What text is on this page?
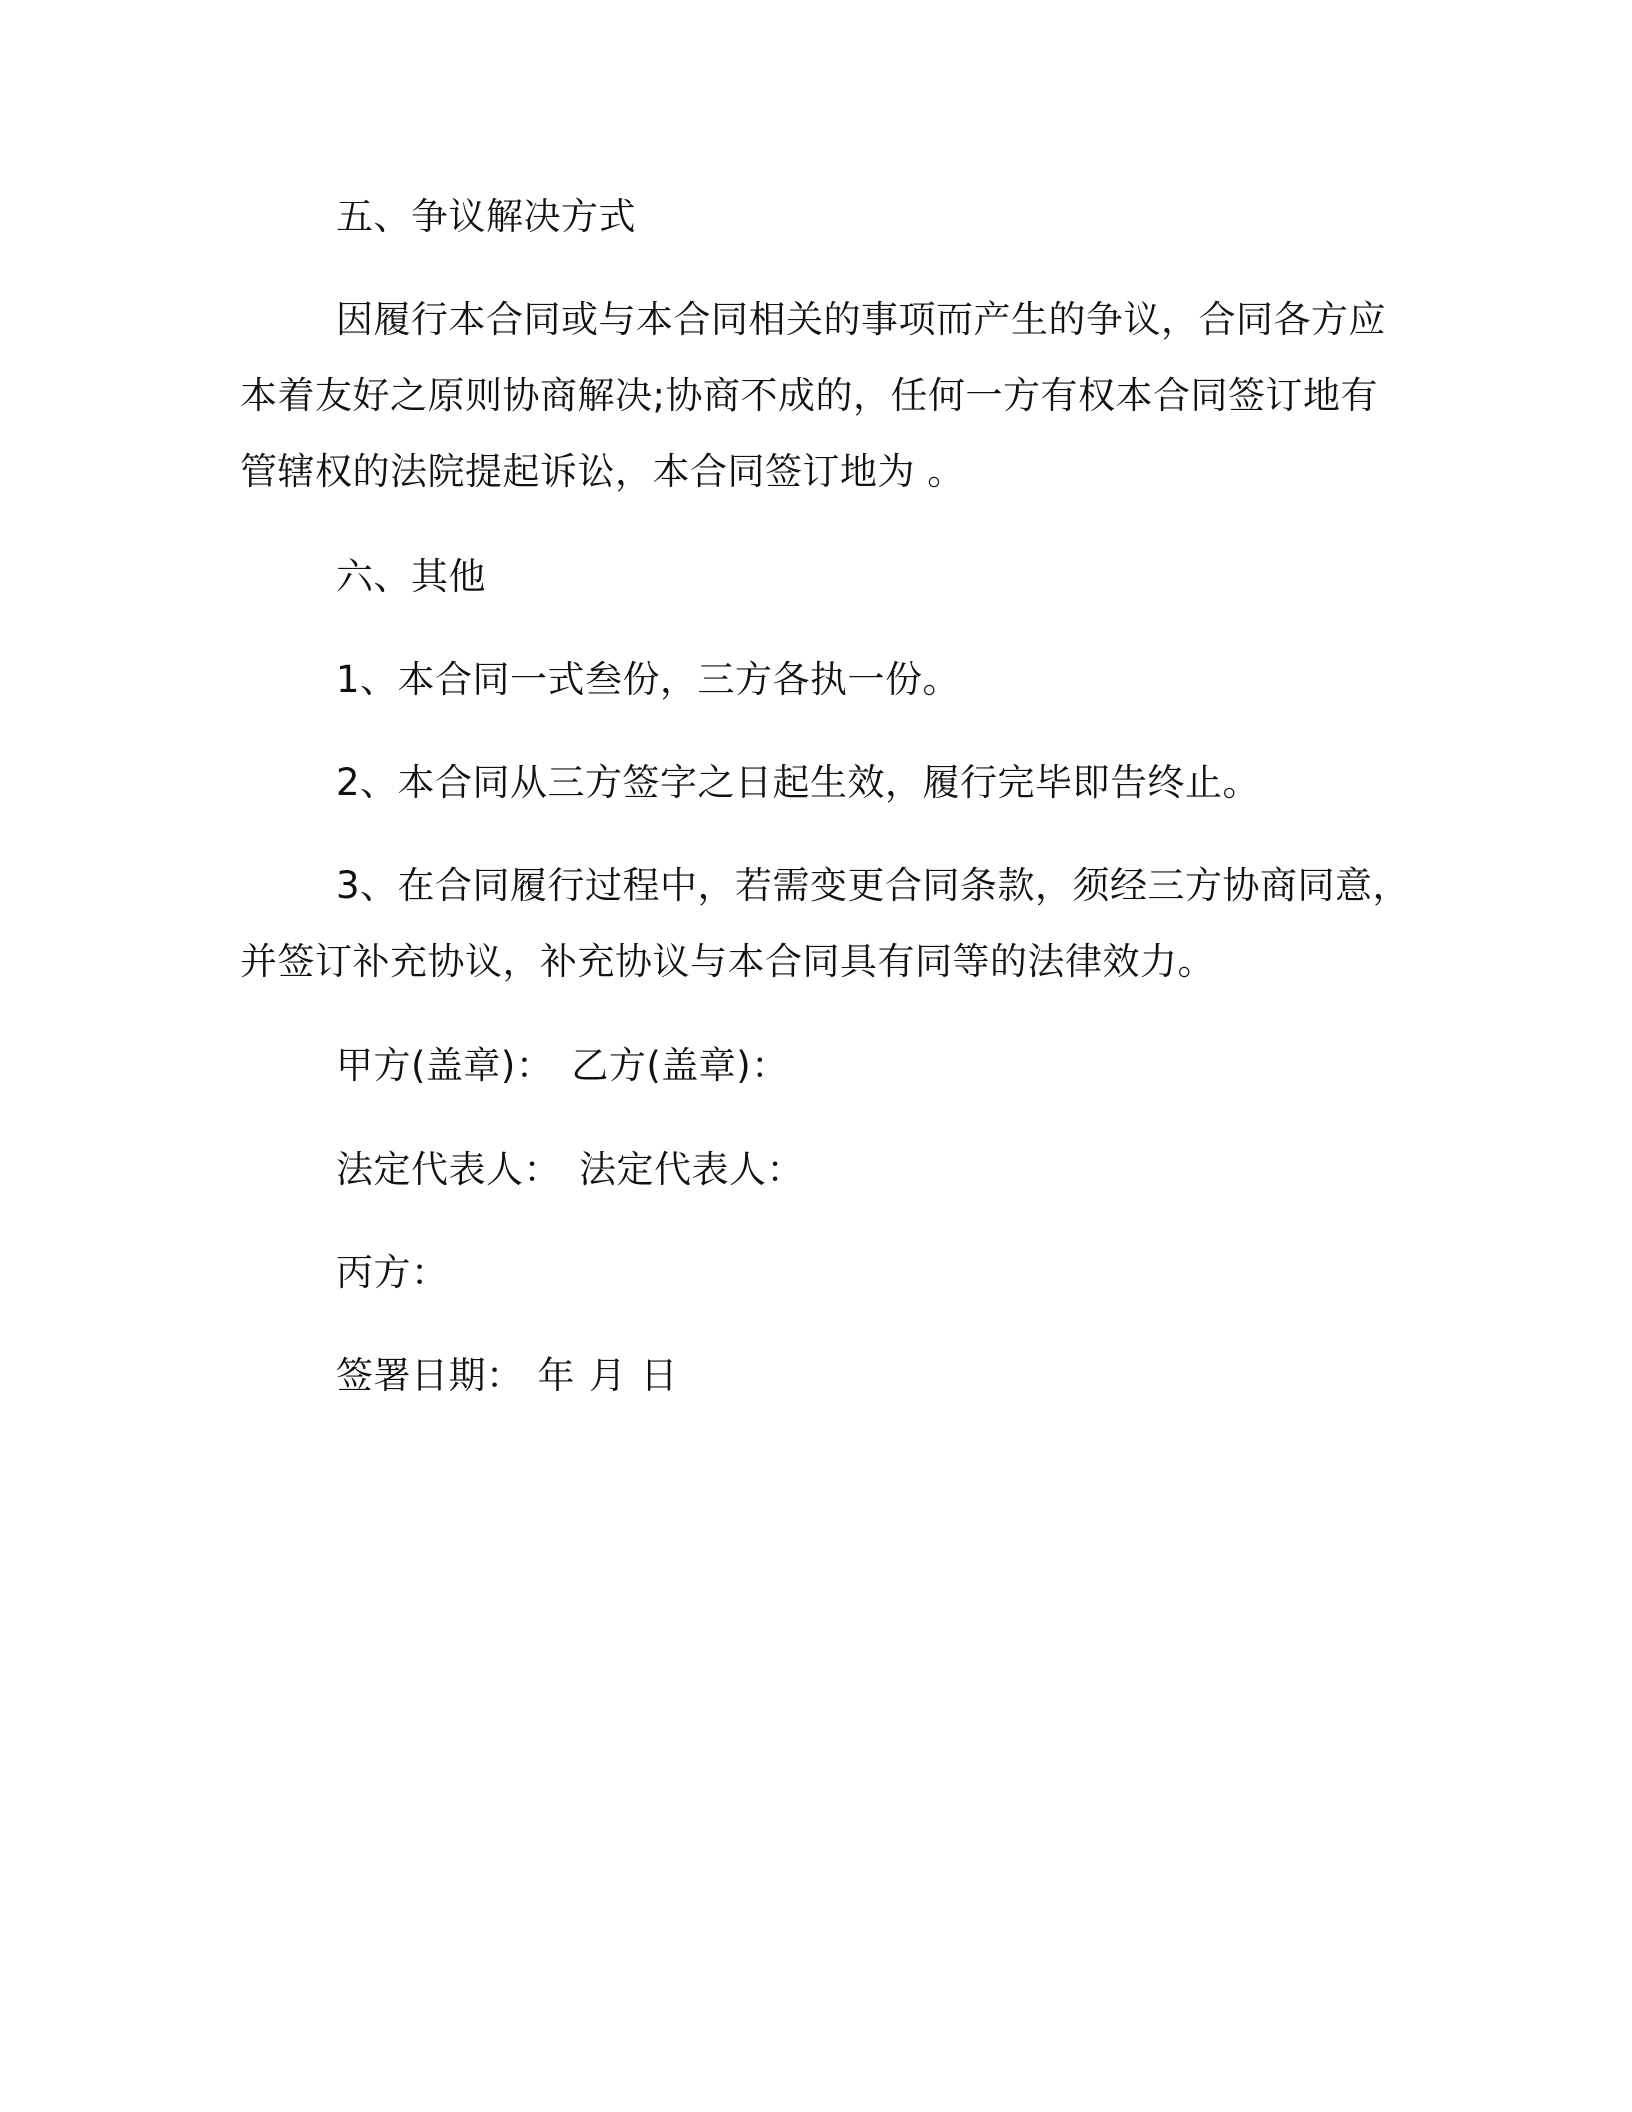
五、争议解决方式
因履行本合同或与本合同相关的事项而产生的争议，合同各方应
本着友好之原则协商解决;协商不成的，任何一方有权本合同签订地有
管辖权的法院提起诉讼，本合同签订地为 。
六、其他
1、本合同一式叁份，三方各执一份。
2、本合同从三方签字之日起生效，履行完毕即告终止。
3、在合同履行过程中，若需变更合同条款，须经三方协商同意，
并签订补充协议，补充协议与本合同具有同等的法律效力。
甲方(盖章)： 乙方(盖章)：
法定代表人： 法定代表人：
丙方：
签署日期： 年 月 日
